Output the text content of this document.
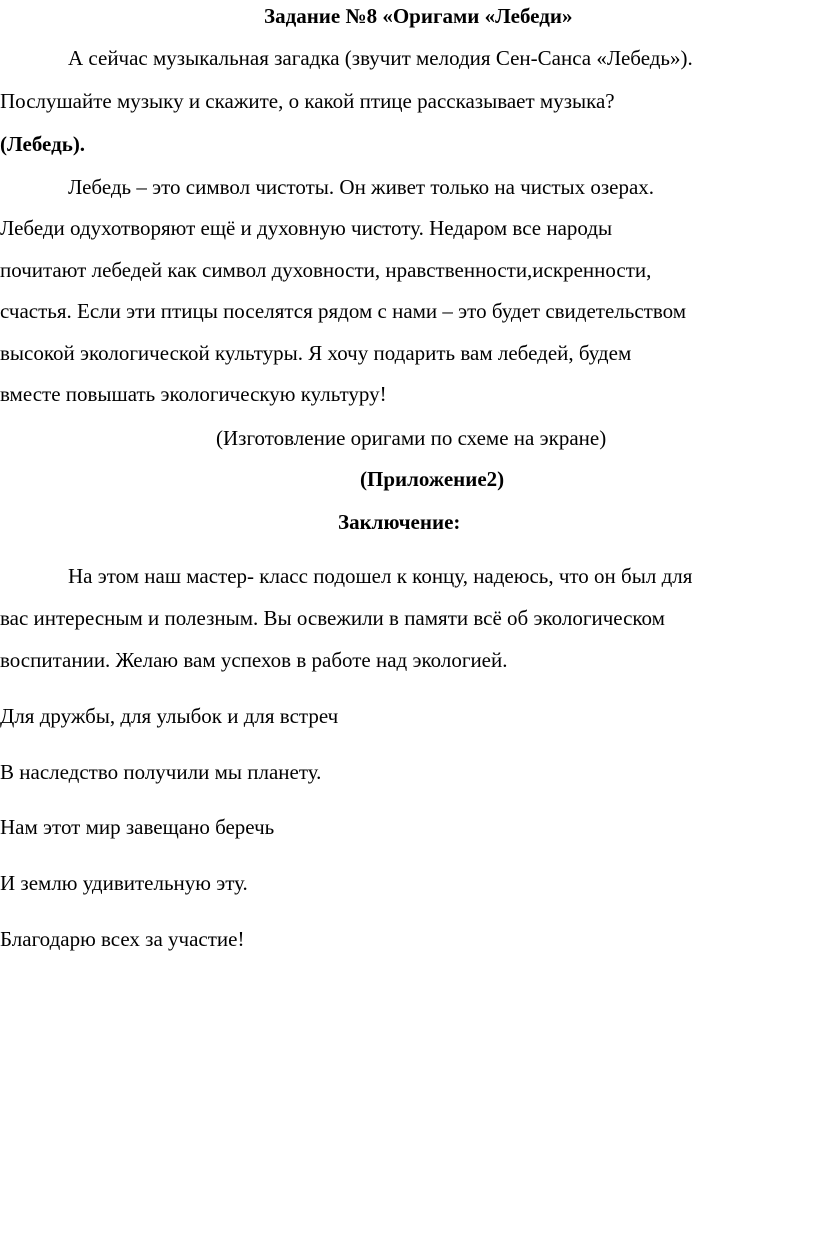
Задание №8 «Оригами «Лебеди»
А сейчас музыкальная загадка (звучит мелодия Сен-Санса «Лебедь»).
Послушайте музыку и скажите, о какой птице рассказывает музыка?
(Лебедь).
Лебедь – это символ чистоты. Он живет только на чистых озерах.
Лебеди одухотворяют ещё и духовную чистоту. Недаром все народы
почитают лебедей как символ духовности, нравственности,искренности,
счастья. Если эти птицы поселятся рядом с нами – это будет свидетельством
высокой экологической культуры. Я хочу подарить вам лебедей, будем
вместе повышать экологическую культуру!
(Изготовление оригами по схеме на экране)
(Приложение2)
Заключение:
На этом наш мастер- класс подошел к концу, надеюсь, что он был для
вас интересным и полезным. Вы освежили в памяти всё об экологическом
воспитании. Желаю вам успехов в работе над экологией.
Для дружбы, для улыбок и для встреч
В наследство получили мы планету.
Нам этот мир завещано беречь
И землю удивительную эту.
Благодарю всех за участие!
